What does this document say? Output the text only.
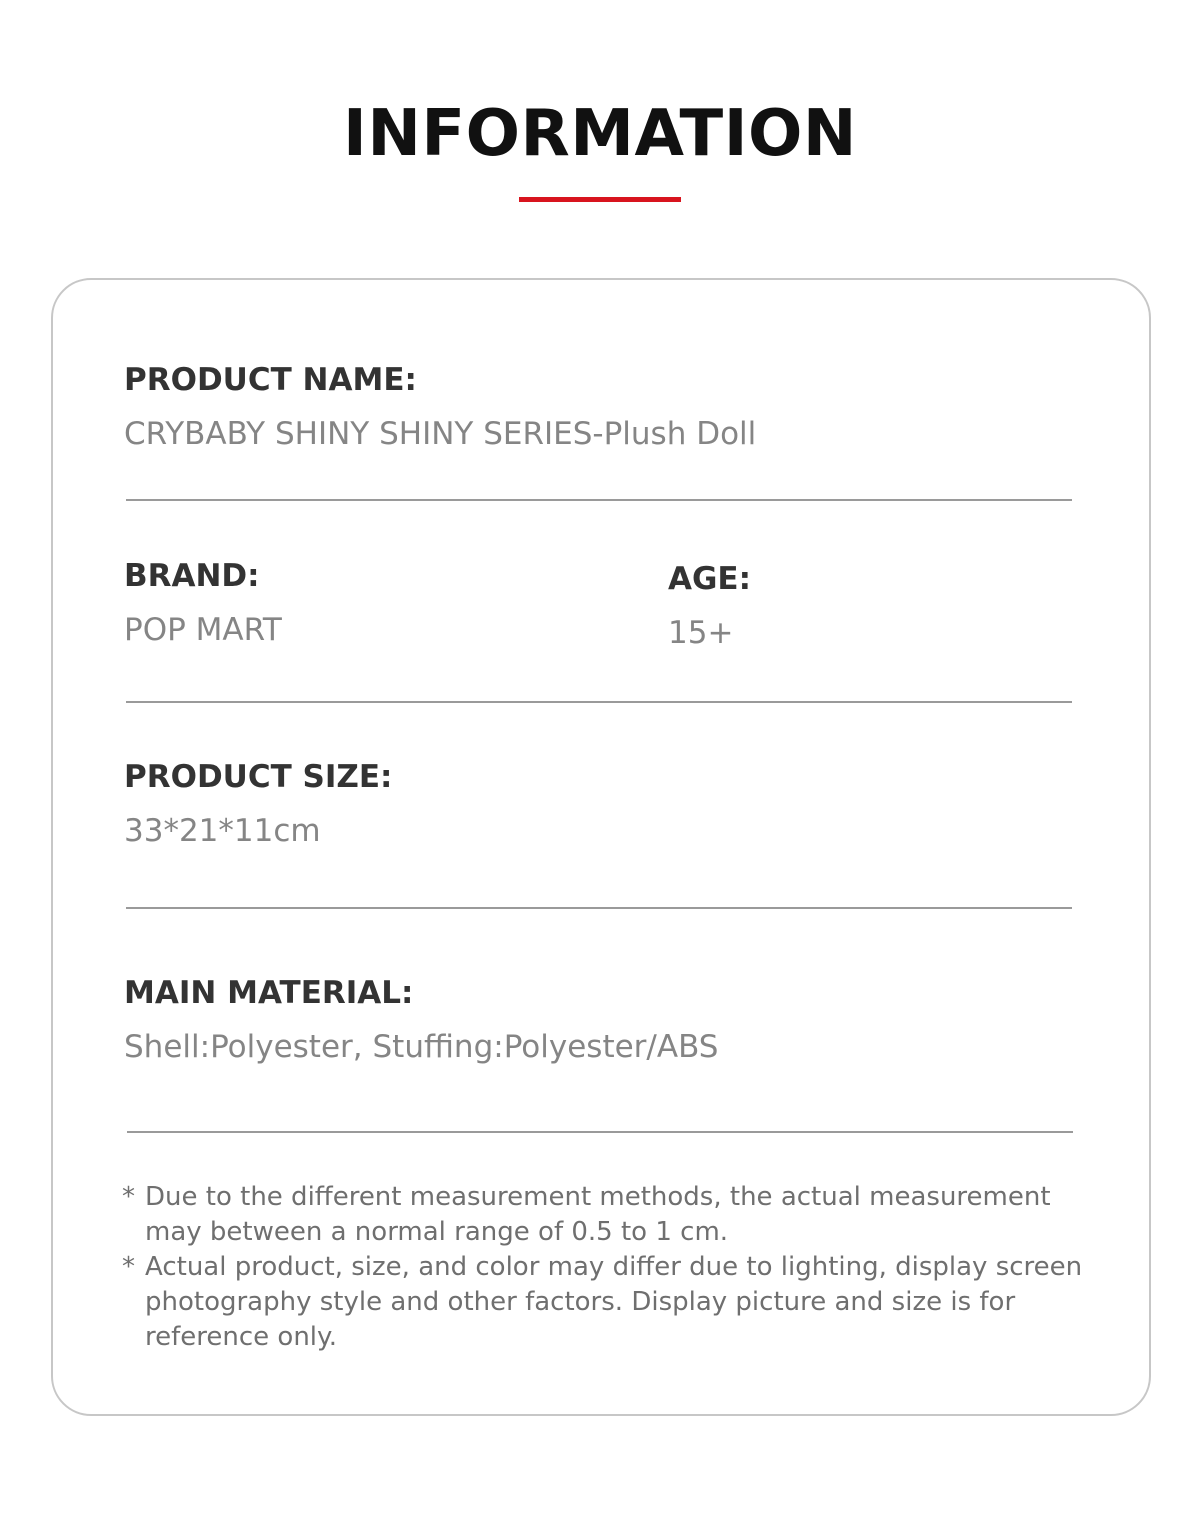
INFORMATION
PRODUCT NAME:
CRYBABY SHINY SHINY SERIES-Plush Doll
BRAND:
POP MART
AGE:
15+
PRODUCT SIZE:
33*21*11cm
MAIN MATERIAL:
Shell:Polyester, Stuffing:Polyester/ABS
* Due to the different measurement methods, the actual measurement may between a normal range of 0.5 to 1 cm.
* Actual product, size, and color may differ due to lighting, display screen photography style and other factors. Display picture and size is for reference only.
